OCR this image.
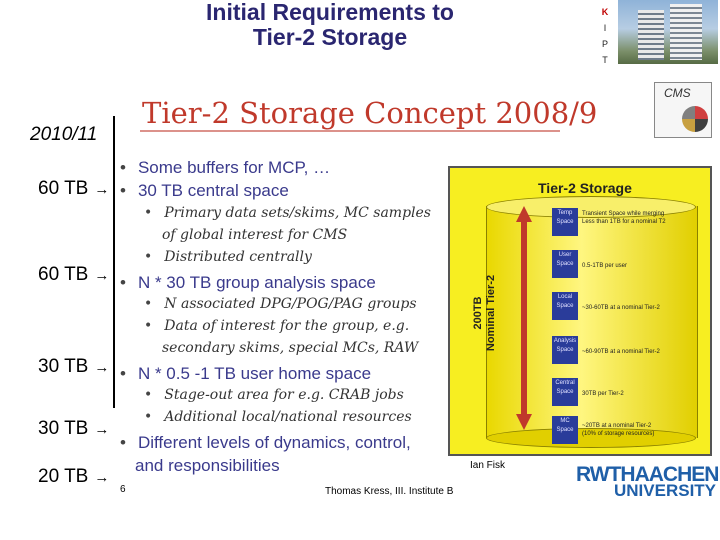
Initial Requirements to
Tier-2 Storage
K
I
P
T
2010/11
60 TB →
60 TB →
30 TB →
30 TB →
20 TB →
Tier-2 Storage Concept 2008/9
CMS
• Some buffers for MCP, …
• 30 TB central space
• Primary data sets/skims, MC samples
of global interest for CMS
• Distributed centrally
• N * 30 TB group analysis space
• N associated DPG/POG/PAG groups
• Data of interest for the group, e.g.
secondary skims, special MCs, RAW
• N * 0.5 -1 TB user home space
• Stage-out area for e.g. CRAB jobs
• Additional local/national resources
• Different levels of dynamics, control,
and responsibilities
Tier-2 Storage
200TB Nominal Tier-2
Temp Space
Transient Space while merging
Less than 1TB for a nominal T2
User Space	0.5-1TB per user
Local Space	~30-60TB at a nominal Tier-2
Analysis Space	~60-90TB at a nominal Tier-2
Central Space	30TB per Tier-2
MC Space
~20TB at a nominal Tier-2
(10% of storage resources)
Ian Fisk
6	Thomas Kress, III. Institute B
RWTHAACHEN
UNIVERSITY
